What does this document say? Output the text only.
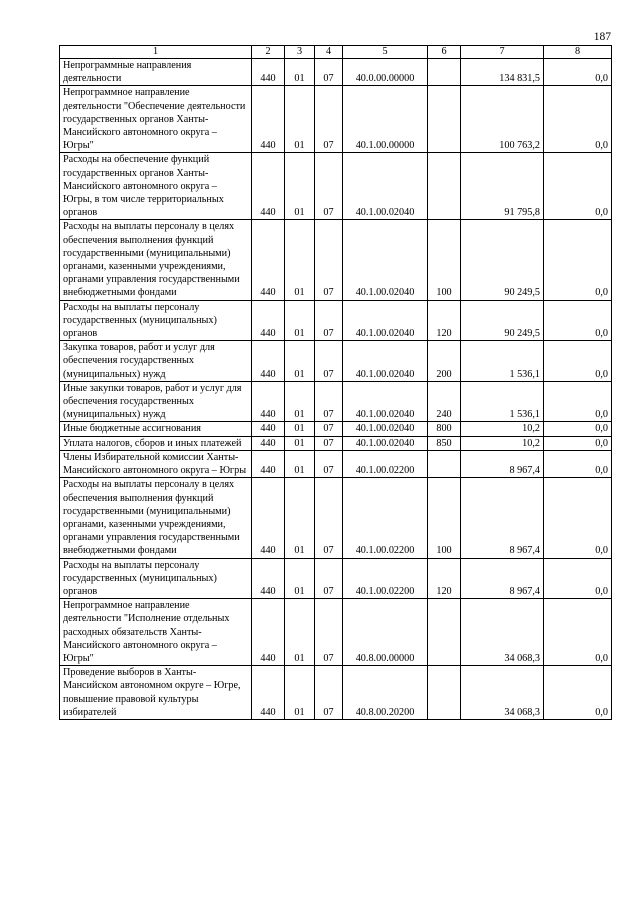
187
1	2	3	4	5	6	7	8
Непрограммные направления деятельности	440	01	07	40.0.00.00000		134 831,5	0,0
Непрограммное направление деятельности "Обеспечение деятельности государственных органов Ханты-Мансийского автономного округа – Югры"	440	01	07	40.1.00.00000		100 763,2	0,0
Расходы на обеспечение функций государственных органов Ханты-Мансийского автономного округа – Югры, в том числе территориальных органов	440	01	07	40.1.00.02040		91 795,8	0,0
Расходы на выплаты персоналу в целях обеспечения выполнения функций государственными (муниципальными) органами, казенными учреждениями, органами управления государственными внебюджетными фондами	440	01	07	40.1.00.02040	100	90 249,5	0,0
Расходы на выплаты персоналу государственных (муниципальных) органов	440	01	07	40.1.00.02040	120	90 249,5	0,0
Закупка товаров, работ и услуг для обеспечения государственных (муниципальных) нужд	440	01	07	40.1.00.02040	200	1 536,1	0,0
Иные закупки товаров, работ и услуг для обеспечения государственных (муниципальных) нужд	440	01	07	40.1.00.02040	240	1 536,1	0,0
Иные бюджетные ассигнования	440	01	07	40.1.00.02040	800	10,2	0,0
Уплата налогов, сборов и иных платежей	440	01	07	40.1.00.02040	850	10,2	0,0
Члены Избирательной комиссии Ханты-Мансийского автономного округа – Югры	440	01	07	40.1.00.02200		8 967,4	0,0
Расходы на выплаты персоналу в целях обеспечения выполнения функций государственными (муниципальными) органами, казенными учреждениями, органами управления государственными внебюджетными фондами	440	01	07	40.1.00.02200	100	8 967,4	0,0
Расходы на выплаты персоналу государственных (муниципальных) органов	440	01	07	40.1.00.02200	120	8 967,4	0,0
Непрограммное направление деятельности "Исполнение отдельных расходных обязательств Ханты-Мансийского автономного округа – Югры"	440	01	07	40.8.00.00000		34 068,3	0,0
Проведение выборов в Ханты-Мансийском автономном округе – Югре, повышение правовой культуры избирателей	440	01	07	40.8.00.20200		34 068,3	0,0
